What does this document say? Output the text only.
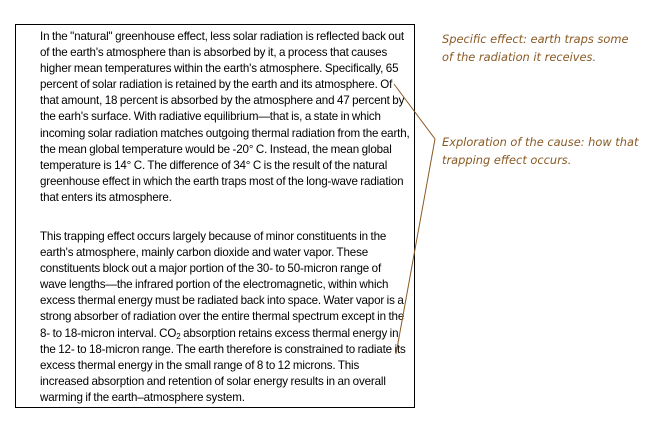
In the "natural" greenhouse effect, less solar radiation is reflected back out of the earth's atmosphere than is absorbed by it, a process that causes higher mean temperatures within the earth's atmosphere. Specifically, 65 percent of solar radiation is retained by the earth and its atmosphere. Of that amount, 18 percent is absorbed by the atmosphere and 47 percent by the earh's surface. With radiative equilibrium—that is, a state in which incoming solar radiation matches outgoing thermal radiation from the earth, the mean global temperature would be -20° C. Instead, the mean global temperature is 14° C. The difference of 34° C is the result of the natural greenhouse effect in which the earth traps most of the long-wave radiation that enters its atmosphere.
This trapping effect occurs largely because of minor constituents in the earth's atmosphere, mainly carbon dioxide and water vapor. These constituents block out a major portion of the 30- to 50-micron range of wave lengths—the infrared portion of the electromagnetic, within which excess thermal energy must be radiated back into space. Water vapor is a strong absorber of radiation over the entire thermal spectrum except in the 8- to 18-micron interval. $CO_2$ absorption retains excess thermal energy in the 12- to 18-micron range. The earth therefore is constrained to radiate its excess thermal energy in the small range of 8 to 12 microns. This increased absorption and retention of solar energy results in an overall warming if the earth–atmosphere system.
Specific effect: earth traps some of the radiation it receives.
Exploration of the cause: how that trapping effect occurs.
